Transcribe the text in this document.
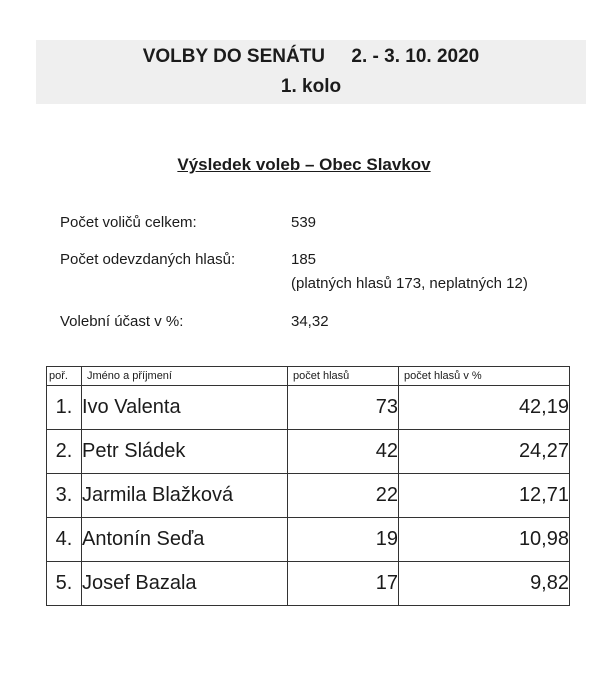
VOLBY DO SENÁTU 2. - 3. 10. 2020
1. kolo
Výsledek voleb – Obec Slavkov
Počet voličů celkem:	539
Počet odevzdaných hlasů:	185
(platných hlasů 173, neplatných 12)
Volební účast v %:	34,32
poř.	Jméno a příjmení	počet hlasů	počet hlasů v %
1.	Ivo Valenta	73	42,19
2.	Petr Sládek	42	24,27
3.	Jarmila Blažková	22	12,71
4.	Antonín Seďa	19	10,98
5.	Josef Bazala	17	9,82
